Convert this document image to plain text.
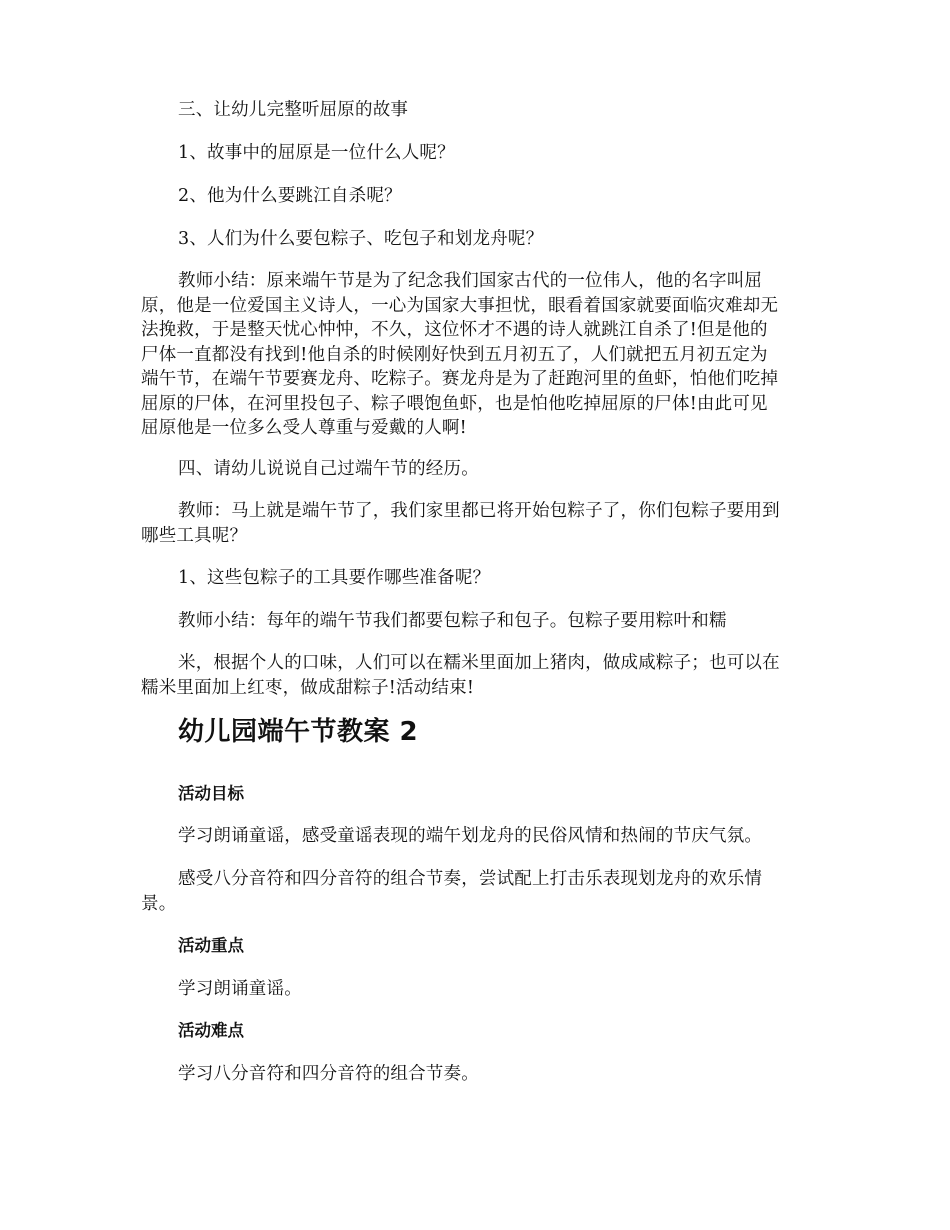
三、让幼儿完整听屈原的故事
1、故事中的屈原是一位什么人呢？
2、他为什么要跳江自杀呢？
3、人们为什么要包粽子、吃包子和划龙舟呢？
教师小结：原来端午节是为了纪念我们国家古代的一位伟人，他的名字叫屈
原，他是一位爱国主义诗人，一心为国家大事担忧，眼看着国家就要面临灾难却无
法挽救，于是整天忧心忡忡，不久，这位怀才不遇的诗人就跳江自杀了!但是他的
尸体一直都没有找到!他自杀的时候刚好快到五月初五了，人们就把五月初五定为
端午节，在端午节要赛龙舟、吃粽子。赛龙舟是为了赶跑河里的鱼虾，怕他们吃掉
屈原的尸体，在河里投包子、粽子喂饱鱼虾，也是怕他吃掉屈原的尸体!由此可见
屈原他是一位多么受人尊重与爱戴的人啊!
四、请幼儿说说自己过端午节的经历。
教师：马上就是端午节了，我们家里都已将开始包粽子了，你们包粽子要用到
哪些工具呢？
1、这些包粽子的工具要作哪些准备呢？
教师小结：每年的端午节我们都要包粽子和包子。包粽子要用粽叶和糯
米，根据个人的口味，人们可以在糯米里面加上猪肉，做成咸粽子；也可以在
糯米里面加上红枣，做成甜粽子!活动结束!
幼儿园端午节教案 2
活动目标
学习朗诵童谣，感受童谣表现的端午划龙舟的民俗风情和热闹的节庆气氛。
感受八分音符和四分音符的组合节奏，尝试配上打击乐表现划龙舟的欢乐情
景。
活动重点
学习朗诵童谣。
活动难点
学习八分音符和四分音符的组合节奏。
